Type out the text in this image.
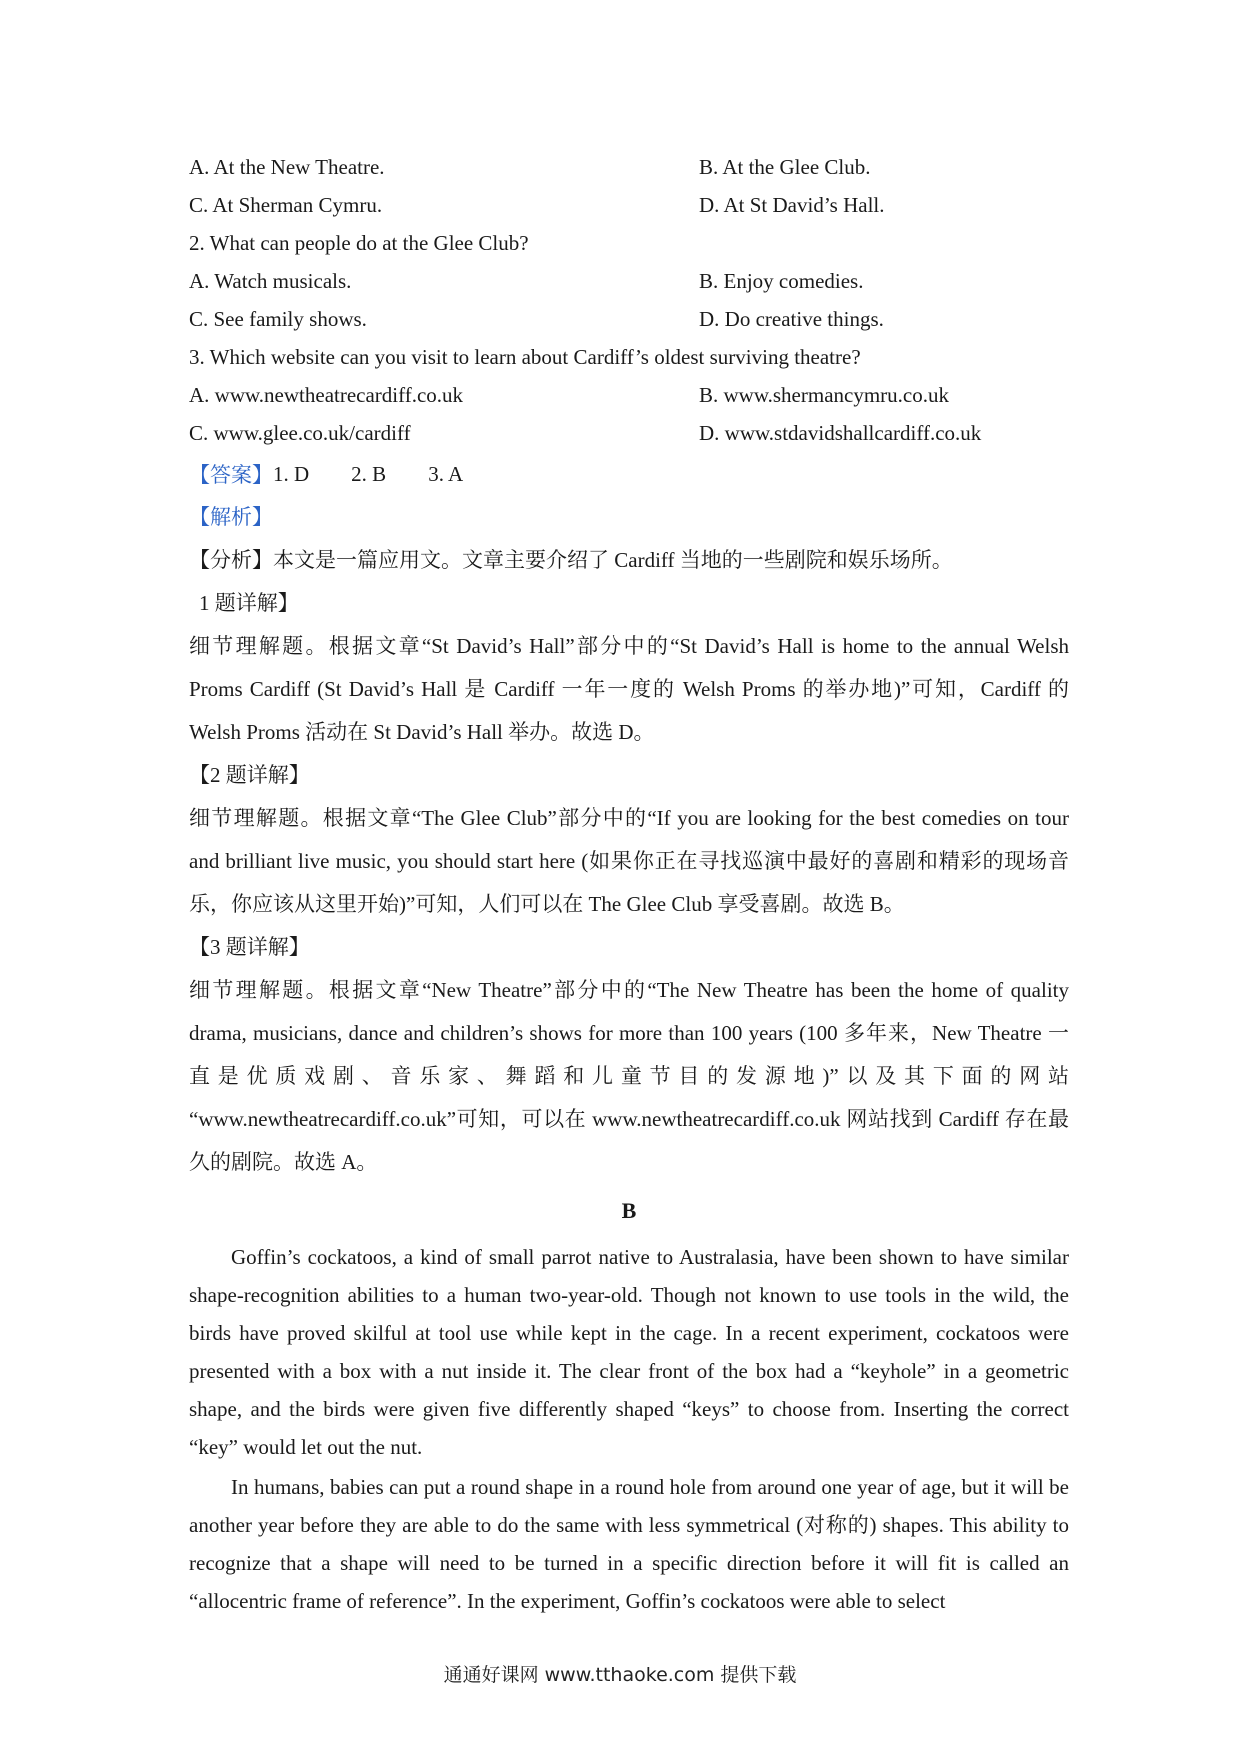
A. At the New Theatre.	B. At the Glee Club.
C. At Sherman Cymru.	D. At St David’s Hall.
2. What can people do at the Glee Club?
A. Watch musicals.	B. Enjoy comedies.
C. See family shows.	D. Do creative things.
3. Which website can you visit to learn about Cardiff’s oldest surviving theatre?
A. www.newtheatrecardiff.co.uk	B. www.shermancymru.co.uk
C. www.glee.co.uk/cardiff	D. www.stdavidshallcardiff.co.uk
【答案】 1. D 2. B 3. A
【解析】
【分析】本文是一篇应用文。文章主要介绍了 Cardiff 当地的一些剧院和娱乐场所。
1 题详解】
细节理解题。根据文章“St David’s Hall”部分中的“St David’s Hall is home to the annual Welsh Proms Cardiff (St David’s Hall 是 Cardiff 一年一度的 Welsh Proms 的举办地)”可知，Cardiff 的 Welsh Proms 活动在 St David’s Hall 举办。故选 D。
【2 题详解】
细节理解题。根据文章“The Glee Club”部分中的“If you are looking for the best comedies on tour and brilliant live music, you should start here (如果你正在寻找巡演中最好的喜剧和精彩的现场音乐，你应该从这里开始)”可知，人们可以在 The Glee Club 享受喜剧。故选 B。
【3 题详解】
细节理解题。根据文章“New Theatre”部分中的“The New Theatre has been the home of quality drama, musicians, dance and children’s shows for more than 100 years (100 多年来，New Theatre 一直是优质戏剧、音乐家、舞蹈和儿童节目的发源地)”以及其下面的网站 “www.newtheatrecardiff.co.uk”可知，可以在 www.newtheatrecardiff.co.uk 网站找到 Cardiff 存在最久的剧院。故选 A。
B
Goffin’s cockatoos, a kind of small parrot native to Australasia, have been shown to have similar shape-recognition abilities to a human two-year-old. Though not known to use tools in the wild, the birds have proved skilful at tool use while kept in the cage. In a recent experiment, cockatoos were presented with a box with a nut inside it. The clear front of the box had a “keyhole” in a geometric shape, and the birds were given five differently shaped “keys” to choose from. Inserting the correct “key” would let out the nut.
In humans, babies can put a round shape in a round hole from around one year of age, but it will be another year before they are able to do the same with less symmetrical (对称的) shapes. This ability to recognize that a shape will need to be turned in a specific direction before it will fit is called an “allocentric frame of reference”. In the experiment, Goffin’s cockatoos were able to select
通通好课网 www.tthaoke.com 提供下载
